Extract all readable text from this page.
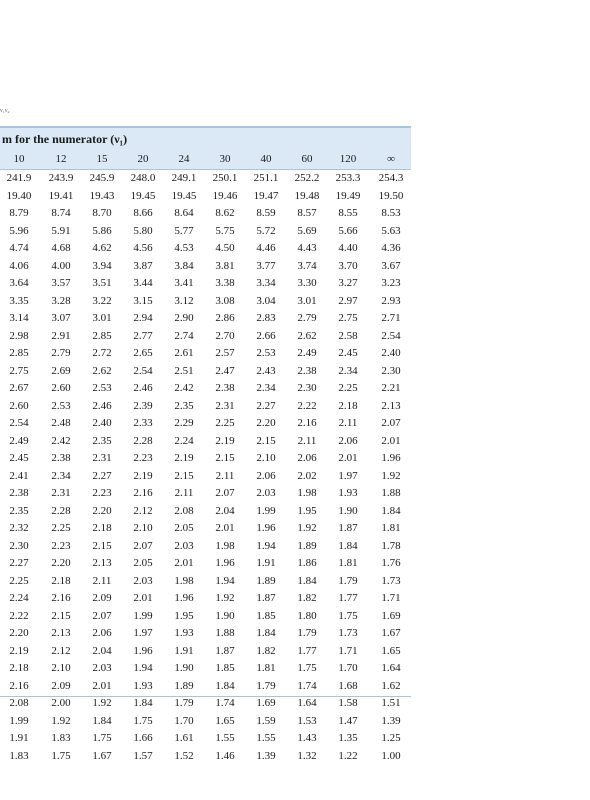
ν₁ν₂
m for the numerator (ν₁)
10	12	15	20	24	30	40	60	120	∞
241.9 243.9 245.9 248.0 249.1 250.1 251.1 252.2 253.3 254.3
19.40 19.41 19.43 19.45 19.45 19.46 19.47 19.48 19.49 19.50
8.79	8.74	8.70	8.66	8.64	8.62	8.59	8.57	8.55	8.53
5.96	5.91	5.86	5.80	5.77	5.75	5.72	5.69	5.66	5.63
4.74	4.68	4.62	4.56	4.53	4.50	4.46	4.43	4.40	4.36
4.06	4.00	3.94	3.87	3.84	3.81	3.77	3.74	3.70	3.67
3.64	3.57	3.51	3.44	3.41	3.38	3.34	3.30	3.27	3.23
3.35	3.28	3.22	3.15	3.12	3.08	3.04	3.01	2.97	2.93
3.14	3.07	3.01	2.94	2.90	2.86	2.83	2.79	2.75	2.71
2.98	2.91	2.85	2.77	2.74	2.70	2.66	2.62	2.58	2.54
2.85	2.79	2.72	2.65	2.61	2.57	2.53	2.49	2.45	2.40
2.75	2.69	2.62	2.54	2.51	2.47	2.43	2.38	2.34	2.30
2.67	2.60	2.53	2.46	2.42	2.38	2.34	2.30	2.25	2.21
2.60	2.53	2.46	2.39	2.35	2.31	2.27	2.22	2.18	2.13
2.54	2.48	2.40	2.33	2.29	2.25	2.20	2.16	2.11	2.07
2.49	2.42	2.35	2.28	2.24	2.19	2.15	2.11	2.06	2.01
2.45	2.38	2.31	2.23	2.19	2.15	2.10	2.06	2.01	1.96
2.41	2.34	2.27	2.19	2.15	2.11	2.06	2.02	1.97	1.92
2.38	2.31	2.23	2.16	2.11	2.07	2.03	1.98	1.93	1.88
2.35	2.28	2.20	2.12	2.08	2.04	1.99	1.95	1.90	1.84
2.32	2.25	2.18	2.10	2.05	2.01	1.96	1.92	1.87	1.81
2.30	2.23	2.15	2.07	2.03	1.98	1.94	1.89	1.84	1.78
2.27	2.20	2.13	2.05	2.01	1.96	1.91	1.86	1.81	1.76
2.25	2.18	2.11	2.03	1.98	1.94	1.89	1.84	1.79	1.73
2.24	2.16	2.09	2.01	1.96	1.92	1.87	1.82	1.77	1.71
2.22	2.15	2.07	1.99	1.95	1.90	1.85	1.80	1.75	1.69
2.20	2.13	2.06	1.97	1.93	1.88	1.84	1.79	1.73	1.67
2.19	2.12	2.04	1.96	1.91	1.87	1.82	1.77	1.71	1.65
2.18	2.10	2.03	1.94	1.90	1.85	1.81	1.75	1.70	1.64
2.16	2.09	2.01	1.93	1.89	1.84	1.79	1.74	1.68	1.62
2.08	2.00	1.92	1.84	1.79	1.74	1.69	1.64	1.58	1.51
1.99	1.92	1.84	1.75	1.70	1.65	1.59	1.53	1.47	1.39
1.91	1.83	1.75	1.66	1.61	1.55	1.55	1.43	1.35	1.25
1.83	1.75	1.67	1.57	1.52	1.46	1.39	1.32	1.22	1.00
